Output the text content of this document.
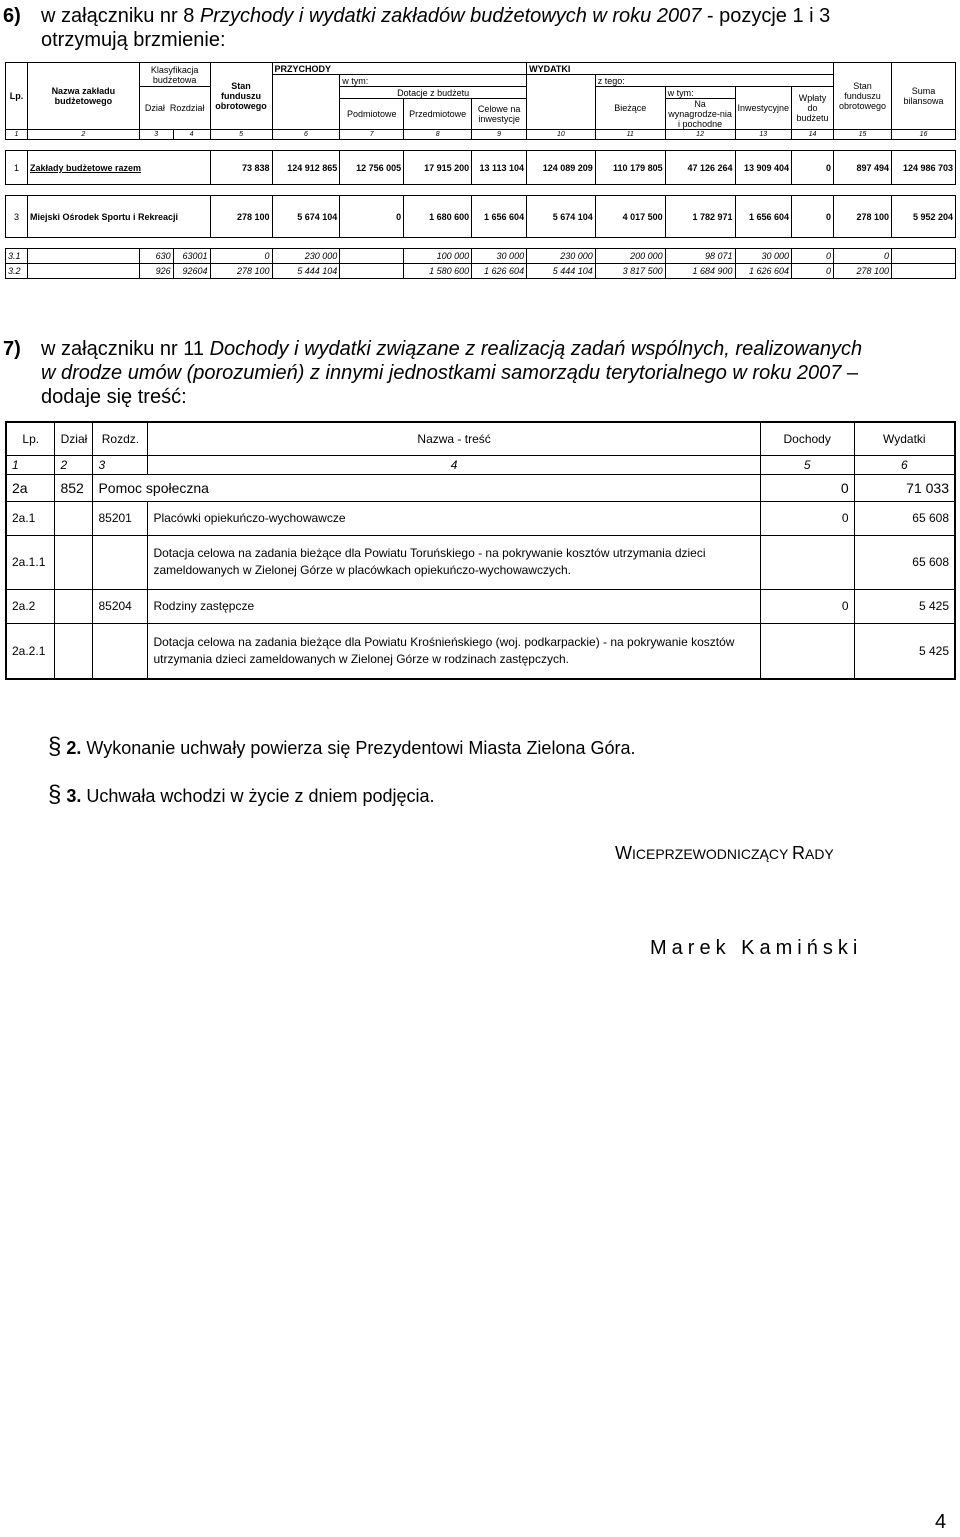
6) w załączniku nr 8 Przychody i wydatki zakładów budżetowych w roku 2007 - pozycje 1 i 3
otrzymują brzmienie:
Lp.	Nazwa zakładu budżetowego	Klasyfikacja budżetowa		Stan funduszu obrotowego	PRZYCHODY				WYDATKI					Stan funduszu obrotowego	Suma bilansowa
						w tym:				z tego:					
		Dział Rozdział				Dotacje z budżetu				Bieżące	w tym:	Inwestycyjne	Wpłaty do budżetu		
						Podmiotowe	Przedmiotowe	Celowe na inwestycje			Na wynagrodze-nia i pochodne				
1	2	3	4	5	6	7	8	9	10	11	12	13	14	15	16

1	Zakłady budżetowe razem			73 838	124 912 865	12 756 005	17 915 200	13 113 104	124 089 209	110 179 805	47 126 264	13 909 404	0	897 494	124 986 703

3	Miejski Ośrodek Sportu i Rekreacji			278 100	5 674 104	0	1 680 600	1 656 604	5 674 104	4 017 500	1 782 971	1 656 604	0	278 100	5 952 204

3.1		630	63001	0	230 000		100 000	30 000	230 000	200 000	98 071	30 000	0	0	
3.2		926	92604	278 100	5 444 104		1 580 600	1 626 604	5 444 104	3 817 500	1 684 900	1 626 604	0	278 100	
7) w załączniku nr 11 Dochody i wydatki związane z realizacją zadań wspólnych, realizowanych
w drodze umów (porozumień) z innymi jednostkami samorządu terytorialnego w roku 2007 –
dodaje się treść:
Lp.	Dział	Rozdz.	Nazwa - treść	Dochody	Wydatki
1	2	3	4	5	6
2a	852	Pomoc społeczna		0	71 033
2a.1		85201	Placówki opiekuńczo-wychowawcze	0	65 608
2a.1.1			Dotacja celowa na zadania bieżące dla Powiatu Toruńskiego - na pokrywanie kosztów utrzymania dzieci zameldowanych w Zielonej Górze w placówkach opiekuńczo-wychowawczych.		65 608
2a.2		85204	Rodziny zastępcze	0	5 425
2a.2.1			Dotacja celowa na zadania bieżące dla Powiatu Krośnieńskiego (woj. podkarpackie) - na pokrywanie kosztów utrzymania dzieci zameldowanych w Zielonej Górze w rodzinach zastępczych.		5 425
§ 2. Wykonanie uchwały powierza się Prezydentowi Miasta Zielona Góra.
§ 3. Uchwała wchodzi w życie z dniem podjęcia.
WICEPRZEWODNICZĄCY RADY
Marek Kamiński
4
